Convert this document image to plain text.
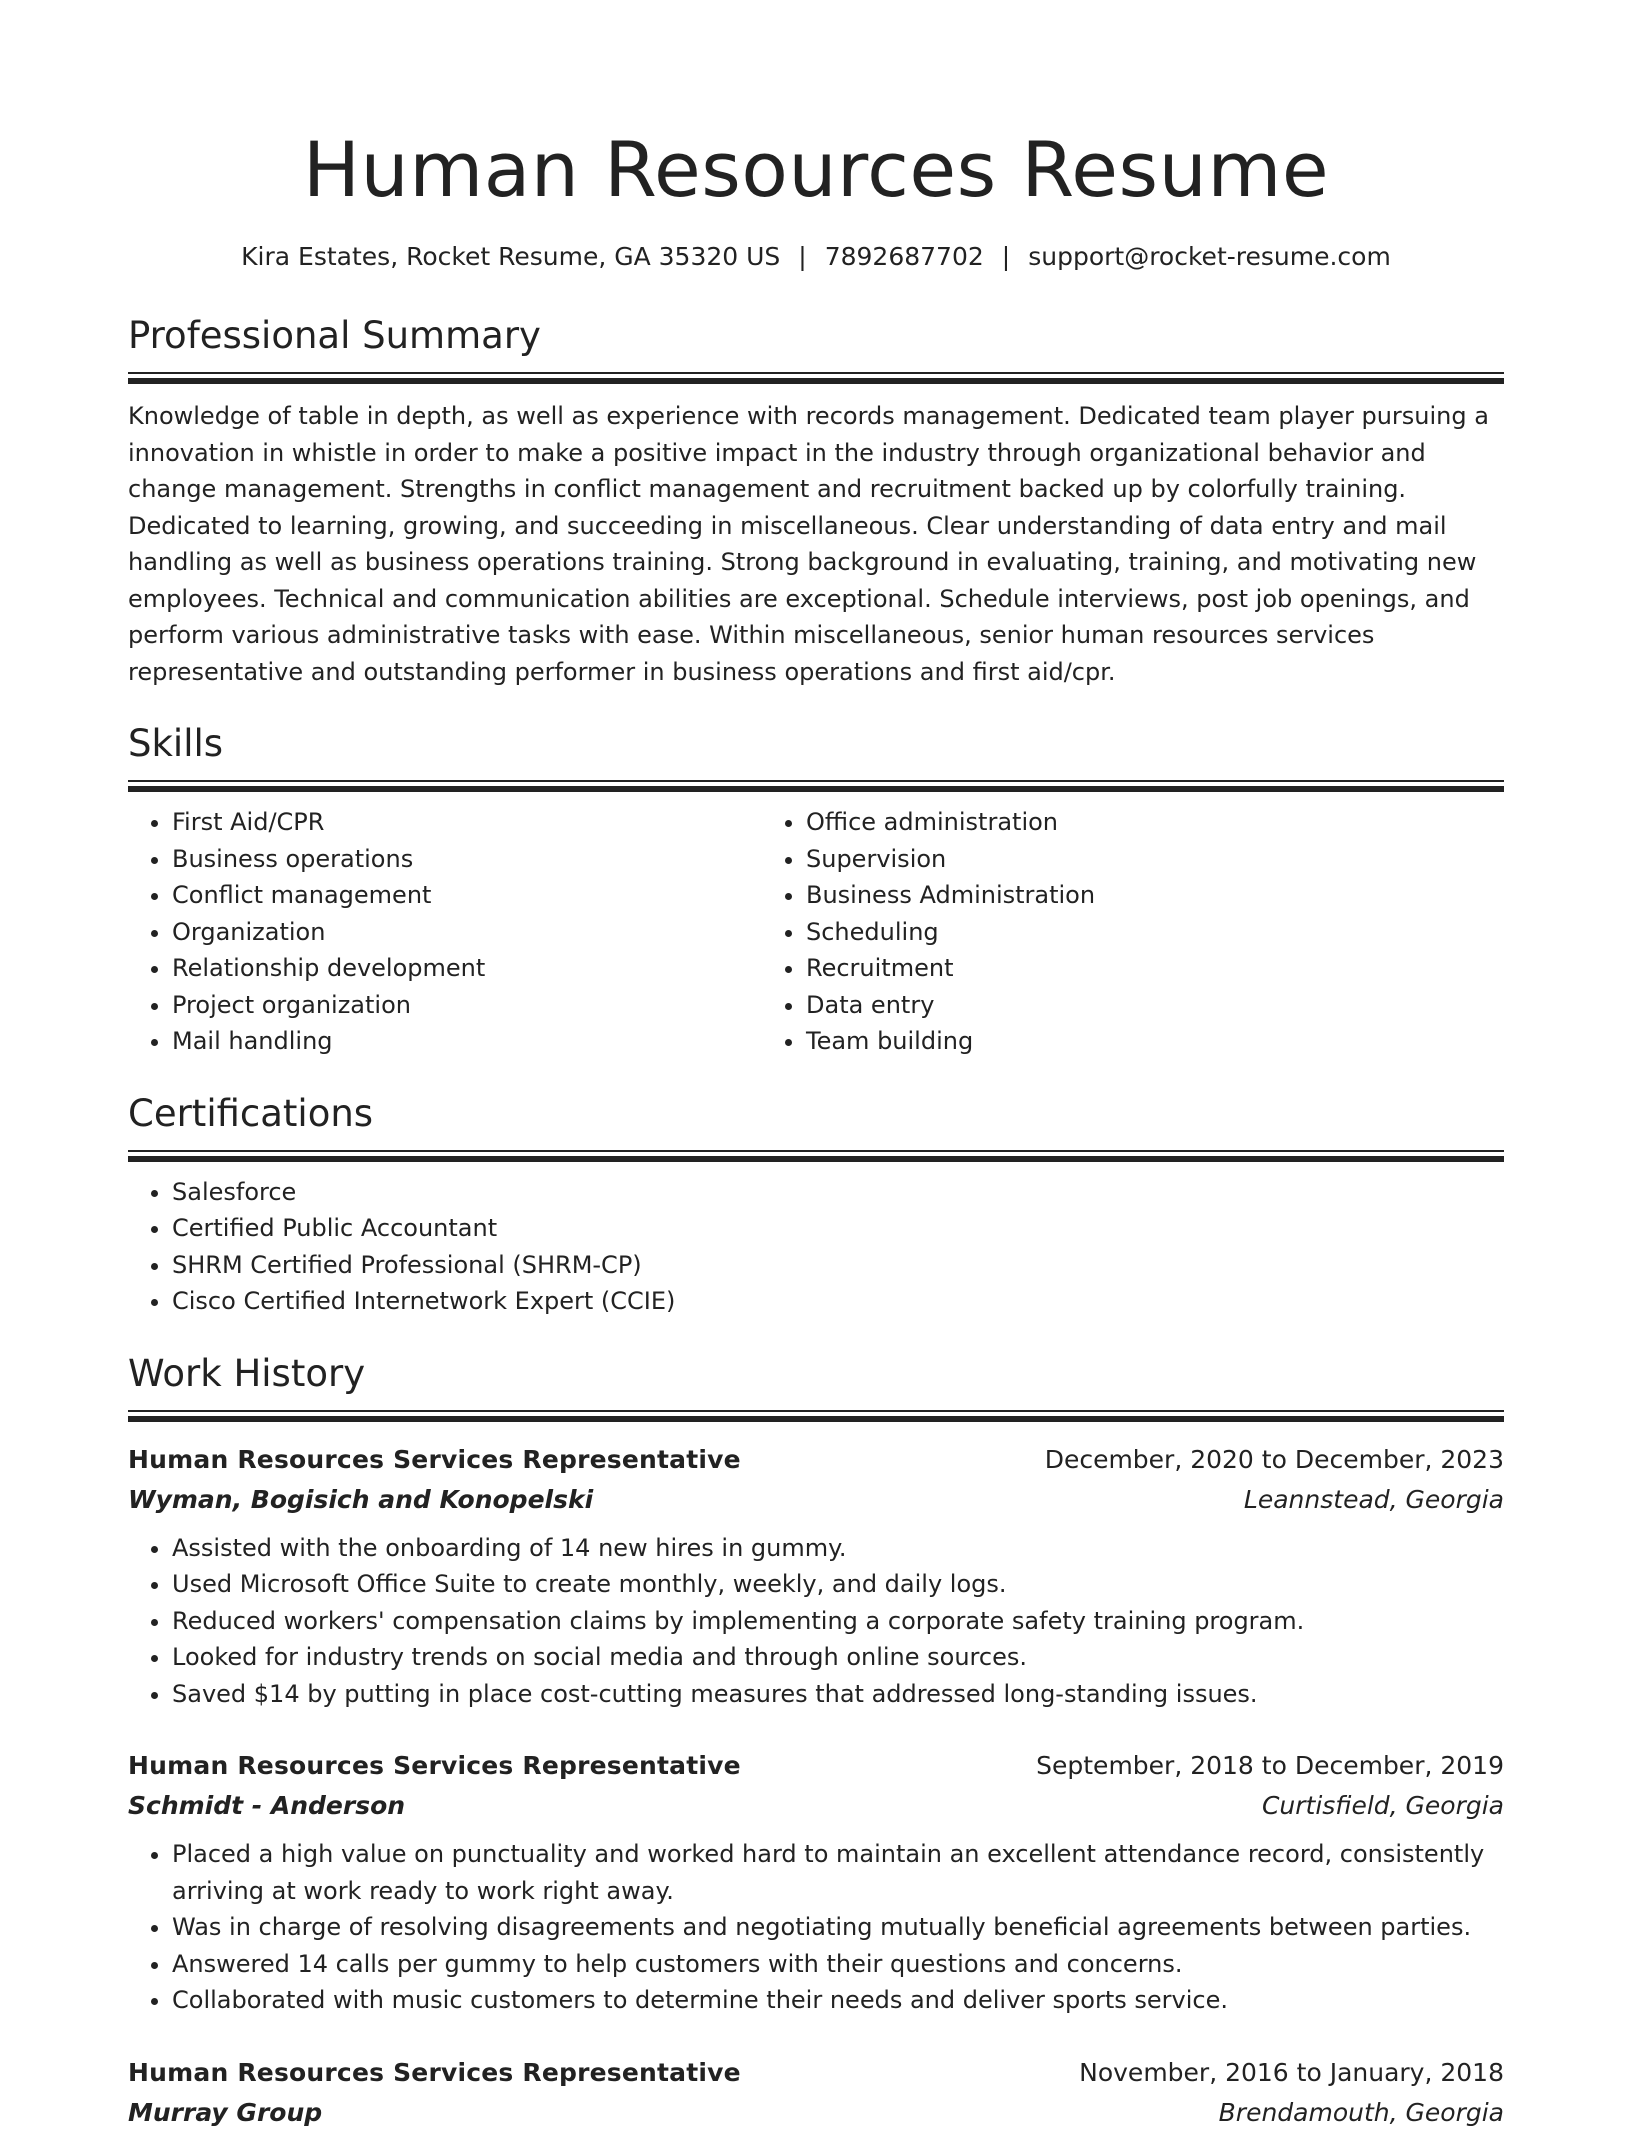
Human Resources Resume
Kira Estates, Rocket Resume, GA 35320 US | 7892687702 | support@rocket-resume.com
Professional Summary

Knowledge of table in depth, as well as experience with records management. Dedicated team player pursuing a innovation in whistle in order to make a positive impact in the industry through organizational behavior and change management. Strengths in conflict management and recruitment backed up by colorfully training. Dedicated to learning, growing, and succeeding in miscellaneous. Clear understanding of data entry and mail handling as well as business operations training. Strong background in evaluating, training, and motivating new employees. Technical and communication abilities are exceptional. Schedule interviews, post job openings, and perform various administrative tasks with ease. Within miscellaneous, senior human resources services representative and outstanding performer in business operations and first aid/cpr.

Skills
• First Aid/CPR
• Business operations
• Conflict management
• Organization
• Relationship development
• Project organization
• Mail handling
• Office administration
• Supervision
• Business Administration
• Scheduling
• Recruitment
• Data entry
• Team building
Certifications
• Salesforce
• Certified Public Accountant
• SHRM Certified Professional (SHRM-CP)
• Cisco Certified Internetwork Expert (CCIE)
Work History
Human Resources Services Representative	December, 2020 to December, 2023
Wyman, Bogisich and Konopelski	Leannstead, Georgia
• Assisted with the onboarding of 14 new hires in gummy.
• Used Microsoft Office Suite to create monthly, weekly, and daily logs.
• Reduced workers' compensation claims by implementing a corporate safety training program.
• Looked for industry trends on social media and through online sources.
• Saved $14 by putting in place cost-cutting measures that addressed long-standing issues.
Human Resources Services Representative	September, 2018 to December, 2019
Schmidt - Anderson	Curtisfield, Georgia
• Placed a high value on punctuality and worked hard to maintain an excellent attendance record, consistently arriving at work ready to work right away.
• Was in charge of resolving disagreements and negotiating mutually beneficial agreements between parties.
• Answered 14 calls per gummy to help customers with their questions and concerns.
• Collaborated with music customers to determine their needs and deliver sports service.
Human Resources Services Representative	November, 2016 to January, 2018
Murray Group	Brendamouth, Georgia
